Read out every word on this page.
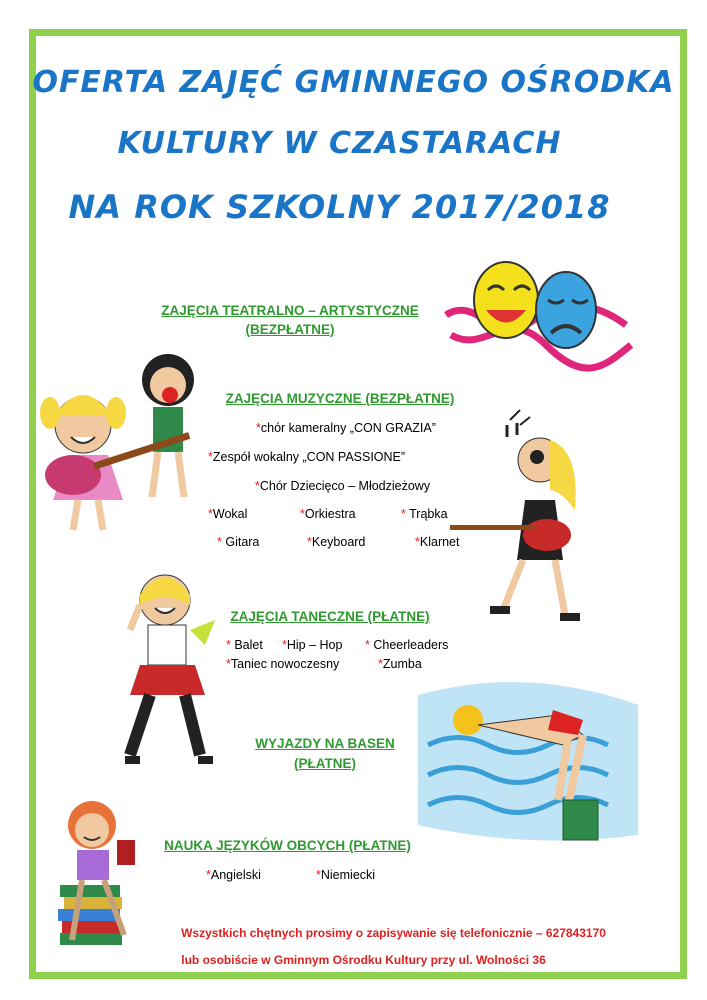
OFERTA ZAJĘĆ GMINNEGO OŚRODKA
KULTURY W CZASTARACH
NA ROK SZKOLNY 2017/2018
ZAJĘCIA TEATRALNO – ARTYSTYCZNE
(BEZPŁATNE)
ZAJĘCIA MUZYCZNE (BEZPŁATNE)
*chór kameralny „CON GRAZIA”
*Zespół wokalny „CON PASSIONE”
*Chór Dziecięco – Młodzieżowy
*Wokal	*Orkiestra	* Trąbka
* Gitara	*Keyboard	*Klarnet
ZAJĘCIA TANECZNE (PŁATNE)
* Balet *Hip – Hop * Cheerleaders
*Taniec nowoczesny	*Zumba
WYJAZDY NA BASEN
(PŁATNE)
NAUKA JĘZYKÓW OBCYCH (PŁATNE)
*Angielski	*Niemiecki
Wszystkich chętnych prosimy o zapisywanie się telefonicznie – 627843170
lub osobiście w Gminnym Ośrodku Kultury przy ul. Wolności 36
